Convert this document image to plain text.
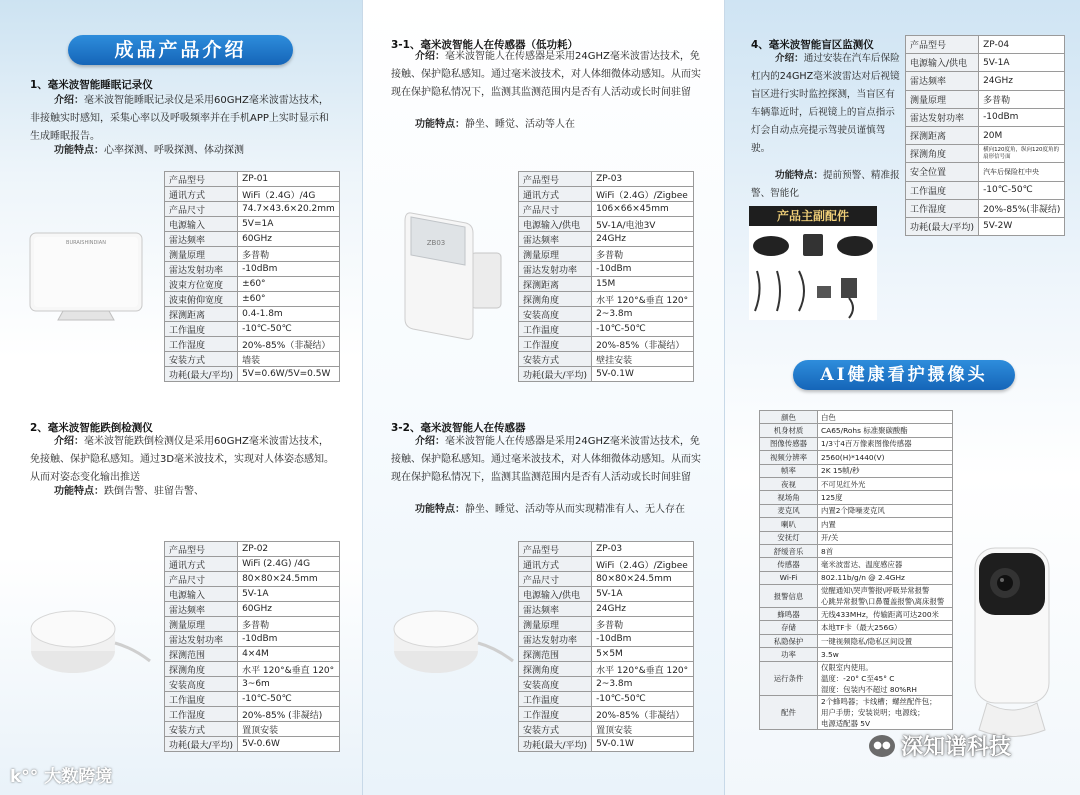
成品产品介绍
1、毫米波智能睡眠记录仪
介绍：毫米波智能睡眠记录仪是采用60GHZ毫米波雷达技术，非接触实时感知，采集心率以及呼吸频率并在手机APP上实时显示和生成睡眠报告。
功能特点：心率探测、呼吸探测、体动探测
BURAISHINDIAN
产品型号	ZP-01
通讯方式	WiFi（2.4G）/4G
产品尺寸	74.7×43.6×20.2mm
电源输入	5V=1A
雷达频率	60GHz
测量原理	多普勒
雷达发射功率	-10dBm
波束方位宽度	±60°
波束俯仰宽度	±60°
探测距离	0.4-1.8m
工作温度	-10℃-50℃
工作湿度	20%-85%（非凝结）
安装方式	墙装
功耗(最大/平均)	5V=0.6W/5V=0.5W
2、毫米波智能跌倒检测仪
介绍：毫米波智能跌倒检测仪是采用60GHZ毫米波雷达技术，免接触、保护隐私感知。通过3D毫米波技术，实现对人体姿态感知。从而对姿态变化输出推送
功能特点：跌倒告警、驻留告警、
产品型号	ZP-02
通讯方式	WiFi (2.4G) /4G
产品尺寸	80×80×24.5mm
电源输入	5V-1A
雷达频率	60GHz
测量原理	多普勒
雷达发射功率	-10dBm
探测范围	4×4M
探测角度	水平 120°&垂直 120°
安装高度	3~6m
工作温度	-10℃-50℃
工作湿度	20%-85% (非凝结)
安装方式	置顶安装
功耗(最大/平均)	5V-0.6W
k°° 大数跨境
3-1、毫米波智能人在传感器（低功耗）
介绍：毫米波智能人在传感器是采用24GHZ毫米波雷达技术，免接触、保护隐私感知。通过毫米波技术，对人体细微体动感知。从而实现在保护隐私情况下，监测其监测范围内是否有人活动或长时间驻留
功能特点：静坐、睡觉、活动等人在
ZB03
产品型号	ZP-03
通讯方式	WiFi（2.4G）/Zigbee
产品尺寸	106×66×45mm
电源输入/供电	5V-1A/电池3V
雷达频率	24GHz
测量原理	多普勒
雷达发射功率	-10dBm
探测距离	15M
探测角度	水平 120°&垂直 120°
安装高度	2~3.8m
工作温度	-10℃-50℃
工作湿度	20%-85%（非凝结）
安装方式	壁挂安装
功耗(最大/平均)	5V-0.1W
3-2、毫米波智能人在传感器
介绍：毫米波智能人在传感器是采用24GHZ毫米波雷达技术，免接触、保护隐私感知。通过毫米波技术，对人体细微体动感知。从而实现在保护隐私情况下，监测其监测范围内是否有人活动或长时间驻留
功能特点：静坐、睡觉、活动等从而实现精准有人、无人存在
产品型号	ZP-03
通讯方式	WiFi（2.4G）/Zigbee
产品尺寸	80×80×24.5mm
电源输入/供电	5V-1A
雷达频率	24GHz
测量原理	多普勒
雷达发射功率	-10dBm
探测范围	5×5M
探测角度	水平 120°&垂直 120°
安装高度	2~3.8m
工作温度	-10℃-50℃
工作湿度	20%-85%（非凝结）
安装方式	置顶安装
功耗(最大/平均)	5V-0.1W
4、毫米波智能盲区监测仪
介绍：通过安装在汽车后保险杠内的24GHZ毫米波雷达对后视镜盲区进行实时监控探测，当盲区有车辆靠近时，后视镜上的盲点指示灯会自动点亮提示驾驶员谨慎驾驶。
功能特点：提前预警、精准报警、智能化
产品型号	ZP-04
电源输入/供电	5V-1A
雷达频率	24GHz
测量原理	多普勒
雷达发射功率	-10dBm
探测距离	20M
探测角度	横向120度角，纵向120度角的扇形信号面
安全位置	汽车后保险杠中央
工作温度	-10℃-50℃
工作湿度	20%-85%(非凝结)
功耗(最大/平均)	5V-2W
产品主副配件
AI健康看护摄像头
颜色	白色
机身材质	CA65/Rohs 标准聚碳酸酯
图像传感器	1/3寸4百万像素图像传感器
视频分辨率	2560(H)*1440(V)
帧率	2K 15帧/秒
夜视	不可见红外光
视场角	125度
麦克风	内置2个降噪麦克风
喇叭	内置
安抚灯	开/关
舒缓音乐	8首
传感器	毫米波雷达、温度感应器
Wi-Fi	802.11b/g/n @ 2.4GHz
报警信息	觉醒通知\哭声警报\呼吸异常报警
心跳异常报警\口鼻覆盖报警\离床报警
蜂鸣器	无线433MHz，传输距离可达200米
存储	本地TF卡（最大256G）
私隐保护	一键视频隐私/隐私区间设置
功率	3.5w
运行条件	仅限室内使用。
温度：-20° C至45° C
湿度：包装内不超过 80%RH
配件	2个蜂鸣器；卡线槽；螺丝配件包；
用户手册；安装说明；电源线；
电源适配器 5V
●● 深知谱科技
